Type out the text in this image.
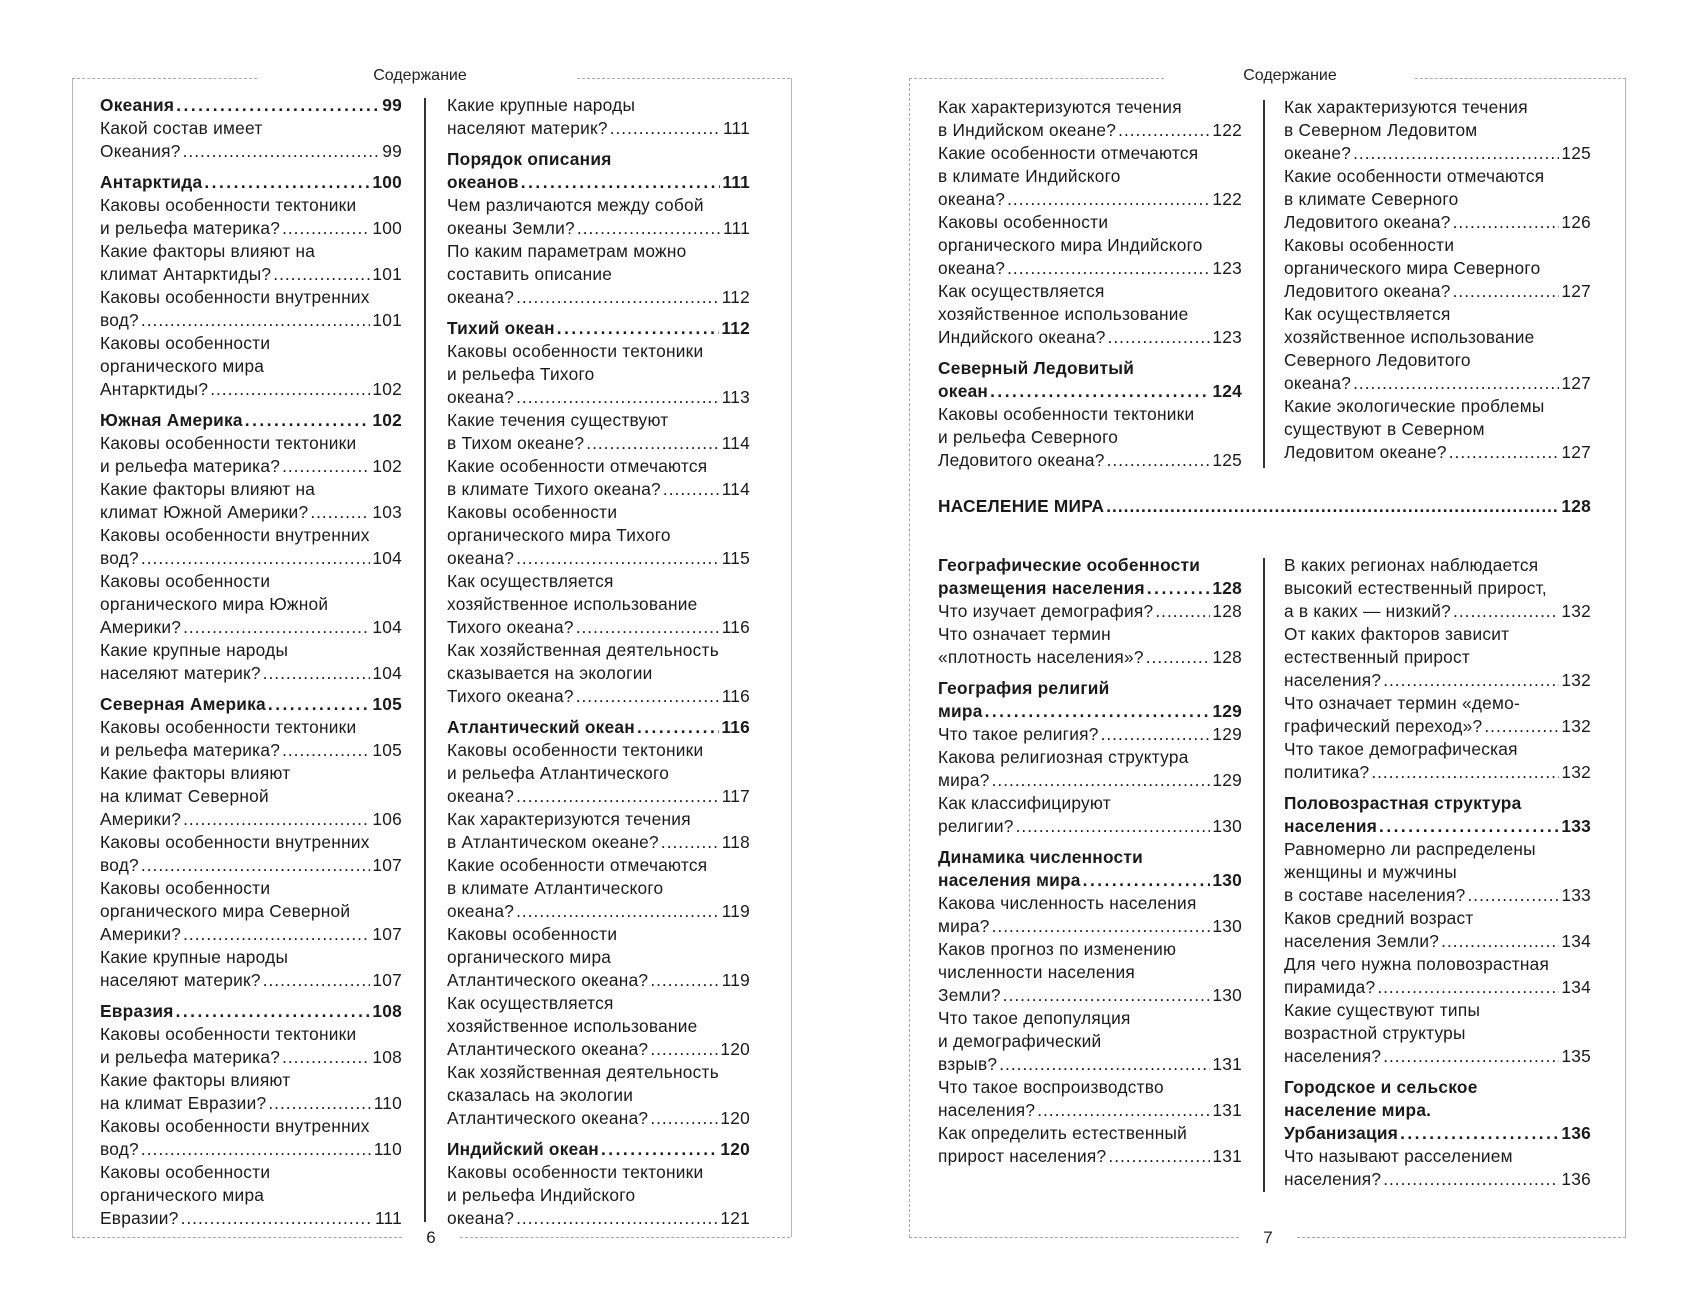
Содержание
6
Океания .....	99
Какой состав имеет
Океания? .....	99
Антарктида .....	100
Каковы особенности тектоники
и рельефа материка? .....	100
Какие факторы влияют на
климат Антарктиды? .....	101
Каковы особенности внутренних
вод? .....	101
Каковы особенности
органического мира
Антарктиды? .....	102
Южная Америка .....	102
Каковы особенности тектоники
и рельефа материка? .....	102
Какие факторы влияют на
климат Южной Америки? .....	103
Каковы особенности внутренних
вод? .....	104
Каковы особенности
органического мира Южной
Америки? .....	104
Какие крупные народы
населяют материк? .....	104
Северная Америка .....	105
Каковы особенности тектоники
и рельефа материка? .....	105
Какие факторы влияют
на климат Северной
Америки? .....	106
Каковы особенности внутренних
вод? .....	107
Каковы особенности
органического мира Северной
Америки? .....	107
Какие крупные народы
населяют материк? .....	107
Евразия .....	108
Каковы особенности тектоники
и рельефа материка? .....	108
Какие факторы влияют
на климат Евразии? .....	110
Каковы особенности внутренних
вод? .....	110
Каковы особенности
органического мира
Евразии? .....	111
Какие крупные народы
населяют материк? .....	111
Порядок описания
океанов .....	111
Чем различаются между собой
океаны Земли? .....	111
По каким параметрам можно
составить описание
океана? .....	112
Тихий океан .....	112
Каковы особенности тектоники
и рельефа Тихого
океана? .....	113
Какие течения существуют
в Тихом океане? .....	114
Какие особенности отмечаются
в климате Тихого океана? .....	114
Каковы особенности
органического мира Тихого
океана? .....	115
Как осуществляется
хозяйственное использование
Тихого океана? .....	116
Как хозяйственная деятельность
сказывается на экологии
Тихого океана? .....	116
Атлантический океан .....	116
Каковы особенности тектоники
и рельефа Атлантического
океана? .....	117
Как характеризуются течения
в Атлантическом океане? .....	118
Какие особенности отмечаются
в климате Атлантического
океана? .....	119
Каковы особенности
органического мира
Атлантического океана? .....	119
Как осуществляется
хозяйственное использование
Атлантического океана? .....	120
Как хозяйственная деятельность
сказалась на экологии
Атлантического океана? .....	120
Индийский океан .....	120
Каковы особенности тектоники
и рельефа Индийского
океана? .....	121
Содержание
7
Как характеризуются течения
в Индийском океане? .....	122
Какие особенности отмечаются
в климате Индийского
океана? .....	122
Каковы особенности
органического мира Индийского
океана? .....	123
Как осуществляется
хозяйственное использование
Индийского океана? .....	123
Северный Ледовитый
океан .....	124
Каковы особенности тектоники
и рельефа Северного
Ледовитого океана? .....	125
Как характеризуются течения
в Северном Ледовитом
океане? .....	125
Какие особенности отмечаются
в климате Северного
Ледовитого океана? .....	126
Каковы особенности
органического мира Северного
Ледовитого океана? .....	127
Как осуществляется
хозяйственное использование
Северного Ледовитого
океана? .....	127
Какие экологические проблемы
существуют в Северном
Ледовитом океане? .....	127
НАСЕЛЕНИЕ МИРА .....	128
Географические особенности
размещения населения .....	128
Что изучает демография? .....	128
Что означает термин
«плотность населения»? .....	128
География религий
мира .....	129
Что такое религия? .....	129
Какова религиозная структура
мира? .....	129
Как классифицируют
религии? .....	130
Динамика численности
населения мира .....	130
Какова численность населения
мира? .....	130
Каков прогноз по изменению
численности населения
Земли? .....	130
Что такое депопуляция
и демографический
взрыв? .....	131
Что такое воспроизводство
населения? .....	131
Как определить естественный
прирост населения? .....	131
В каких регионах наблюдается
высокий естественный прирост,
а в каких — низкий? .....	132
От каких факторов зависит
естественный прирост
населения? .....	132
Что означает термин «демо-
графический переход»? .....	132
Что такое демографическая
политика? .....	132
Половозрастная структура
населения .....	133
Равномерно ли распределены
женщины и мужчины
в составе населения? .....	133
Каков средний возраст
населения Земли? .....	134
Для чего нужна половозрастная
пирамида? .....	134
Какие существуют типы
возрастной структуры
населения? .....	135
Городское и сельское
население мира.
Урбанизация .....	136
Что называют расселением
населения? .....	136
